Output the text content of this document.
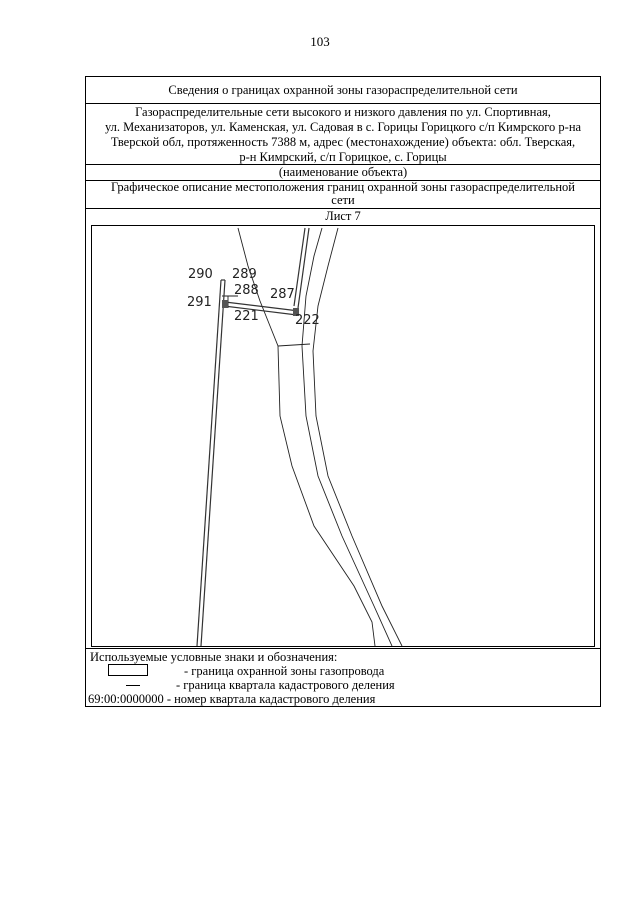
103
Сведения о границах охранной зоны газораспределительной сети
Газораспределительные сети высокого и низкого давления по ул. Спортивная,
ул. Механизаторов, ул. Каменская, ул. Садовая в с. Горицы Горицкого с/п Кимрского р-на
Тверской обл, протяженность 7388 м, адрес (местонахождение) объекта: обл. Тверская,
р-н Кимрский, с/п Горицкое, с. Горицы
(наименование объекта)
Графическое описание местоположения границ охранной зоны газораспределительной
сети
Лист 7
290 289
288 287
291
221	222
Используемые условные знаки и обозначения:
- граница охранной зоны газопровода
- граница квартала кадастрового деления
69:00:0000000 - номер квартала кадастрового деления
